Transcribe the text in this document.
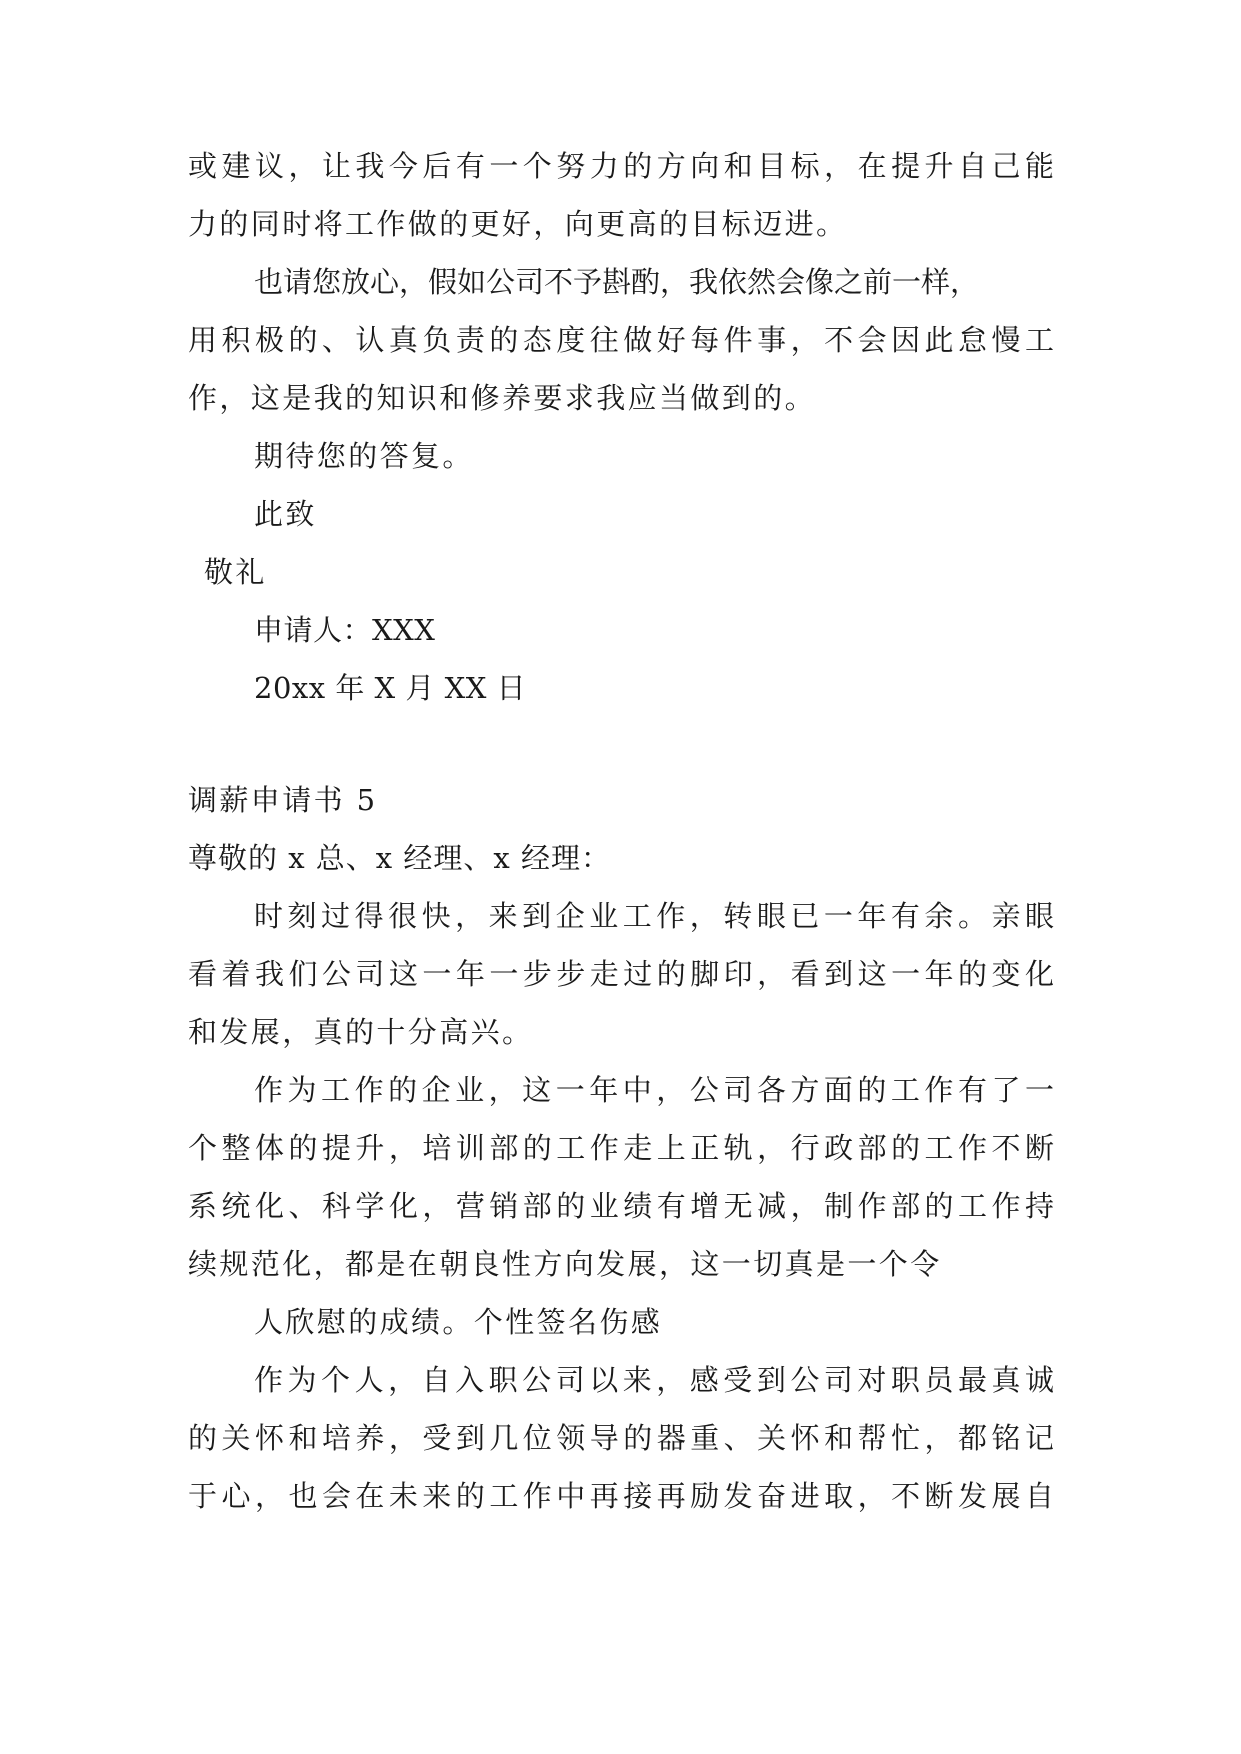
或建议，让我今后有一个努力的方向和目标，在提升自己能
力的同时将工作做的更好，向更高的目标迈进。
也请您放心，假如公司不予斟酌，我依然会像之前一样，
用积极的、认真负责的态度往做好每件事，不会因此怠慢工
作，这是我的知识和修养要求我应当做到的。
期待您的答复。
此致
敬礼
申请人：XXX
20xx 年 X 月 XX 日
调薪申请书 5
尊敬的 x 总、x 经理、x 经理：
时刻过得很快，来到企业工作，转眼已一年有余。亲眼
看着我们公司这一年一步步走过的脚印，看到这一年的变化
和发展，真的十分高兴。
作为工作的企业，这一年中，公司各方面的工作有了一
个整体的提升，培训部的工作走上正轨，行政部的工作不断
系统化、科学化，营销部的业绩有增无减，制作部的工作持
续规范化，都是在朝良性方向发展，这一切真是一个令
人欣慰的成绩。个性签名伤感
作为个人，自入职公司以来，感受到公司对职员最真诚
的关怀和培养，受到几位领导的器重、关怀和帮忙，都铭记
于心，也会在未来的工作中再接再励发奋进取，不断发展自
